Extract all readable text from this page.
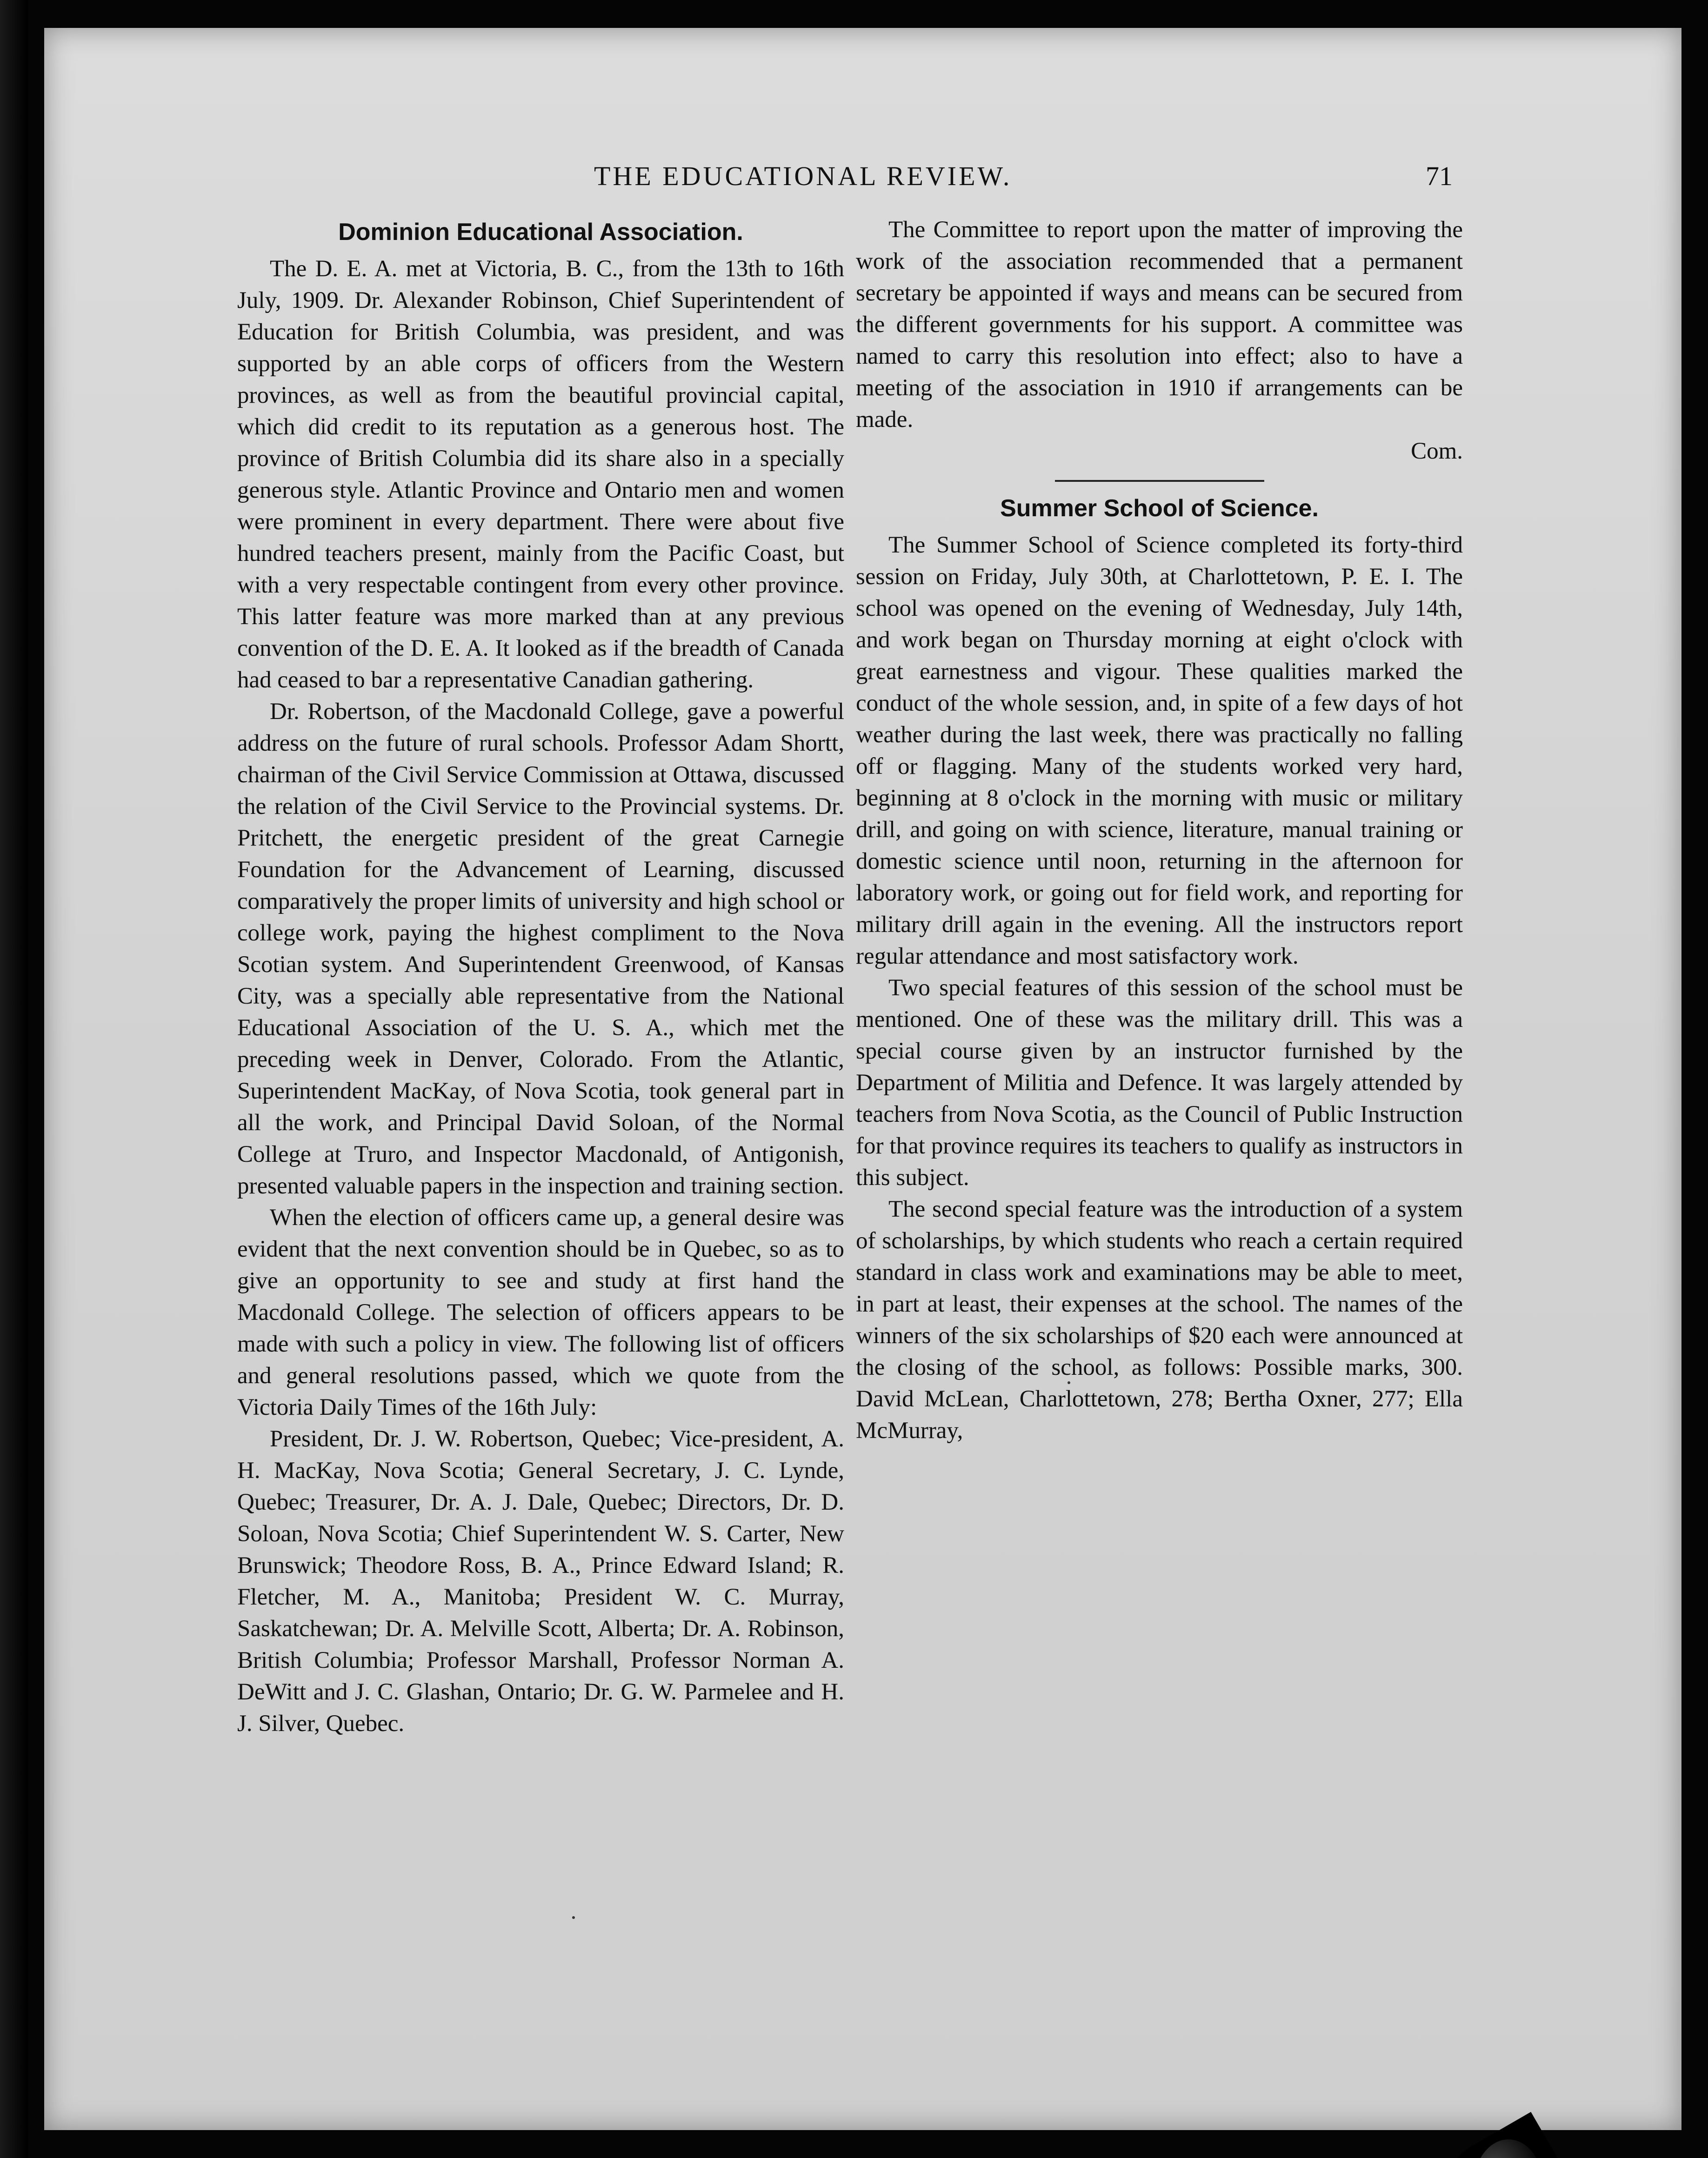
THE EDUCATIONAL REVIEW.	71
Dominion Educational Association.

The D. E. A. met at Victoria, B. C., from the 13th to 16th July, 1909. Dr. Alexander Robinson, Chief Superintendent of Education for British Columbia, was president, and was supported by an able corps of officers from the Western provinces, as well as from the beautiful provincial capital, which did credit to its reputation as a generous host. The province of British Columbia did its share also in a specially generous style. Atlantic Province and Ontario men and women were prominent in every department. There were about five hundred teachers present, mainly from the Pacific Coast, but with a very respectable contingent from every other province. This latter feature was more marked than at any previous convention of the D. E. A. It looked as if the breadth of Canada had ceased to bar a representative Canadian gathering.

Dr. Robertson, of the Macdonald College, gave a powerful address on the future of rural schools. Professor Adam Shortt, chairman of the Civil Service Commission at Ottawa, discussed the relation of the Civil Service to the Provincial systems. Dr. Pritchett, the energetic president of the great Carnegie Foundation for the Advancement of Learning, discussed comparatively the proper limits of university and high school or college work, paying the highest compliment to the Nova Scotian system. And Superintendent Greenwood, of Kansas City, was a specially able representative from the National Educational Association of the U. S. A., which met the preceding week in Denver, Colorado. From the Atlantic, Superintendent MacKay, of Nova Scotia, took general part in all the work, and Principal David Soloan, of the Normal College at Truro, and Inspector Macdonald, of Antigonish, presented valuable papers in the inspection and training section.

When the election of officers came up, a general desire was evident that the next convention should be in Quebec, so as to give an opportunity to see and study at first hand the Macdonald College. The selection of officers appears to be made with such a policy in view. The following list of officers and general resolutions passed, which we quote from the Victoria Daily Times of the 16th July:

President, Dr. J. W. Robertson, Quebec; Vice-president, A. H. MacKay, Nova Scotia; General Secretary, J. C. Lynde, Quebec; Treasurer, Dr. A. J. Dale, Quebec; Directors, Dr. D. Soloan, Nova Scotia; Chief Superintendent W. S. Carter, New Brunswick; Theodore Ross, B. A., Prince Edward Island; R. Fletcher, M. A., Manitoba; President W. C. Murray, Saskatchewan; Dr. A. Melville Scott, Alberta; Dr. A. Robinson, British Columbia; Professor Marshall, Professor Norman A. DeWitt and J. C. Glashan, Ontario; Dr. G. W. Parmelee and H. J. Silver, Quebec.

The Committee to report upon the matter of improving the work of the association recommended that a permanent secretary be appointed if ways and means can be secured from the different governments for his support. A committee was named to carry this resolution into effect; also to have a meeting of the association in 1910 if arrangements can be made.

Com.
Summer School of Science.

The Summer School of Science completed its forty-third session on Friday, July 30th, at Charlottetown, P. E. I. The school was opened on the evening of Wednesday, July 14th, and work began on Thursday morning at eight o'clock with great earnestness and vigour. These qualities marked the conduct of the whole session, and, in spite of a few days of hot weather during the last week, there was practically no falling off or flagging. Many of the students worked very hard, beginning at 8 o'clock in the morning with music or military drill, and going on with science, literature, manual training or domestic science until noon, returning in the afternoon for laboratory work, or going out for field work, and reporting for military drill again in the evening. All the instructors report regular attendance and most satisfactory work.

Two special features of this session of the school must be mentioned. One of these was the military drill. This was a special course given by an instructor furnished by the Department of Militia and Defence. It was largely attended by teachers from Nova Scotia, as the Council of Public Instruction for that province requires its teachers to qualify as instructors in this subject.

The second special feature was the introduction of a system of scholarships, by which students who reach a certain required standard in class work and examinations may be able to meet, in part at least, their expenses at the school. The names of the winners of the six scholarships of $20 each were announced at the closing of the school, as follows: Possible marks, 300. David McLean, Charlottetown, 278; Bertha Oxner, 277; Ella McMurray,
